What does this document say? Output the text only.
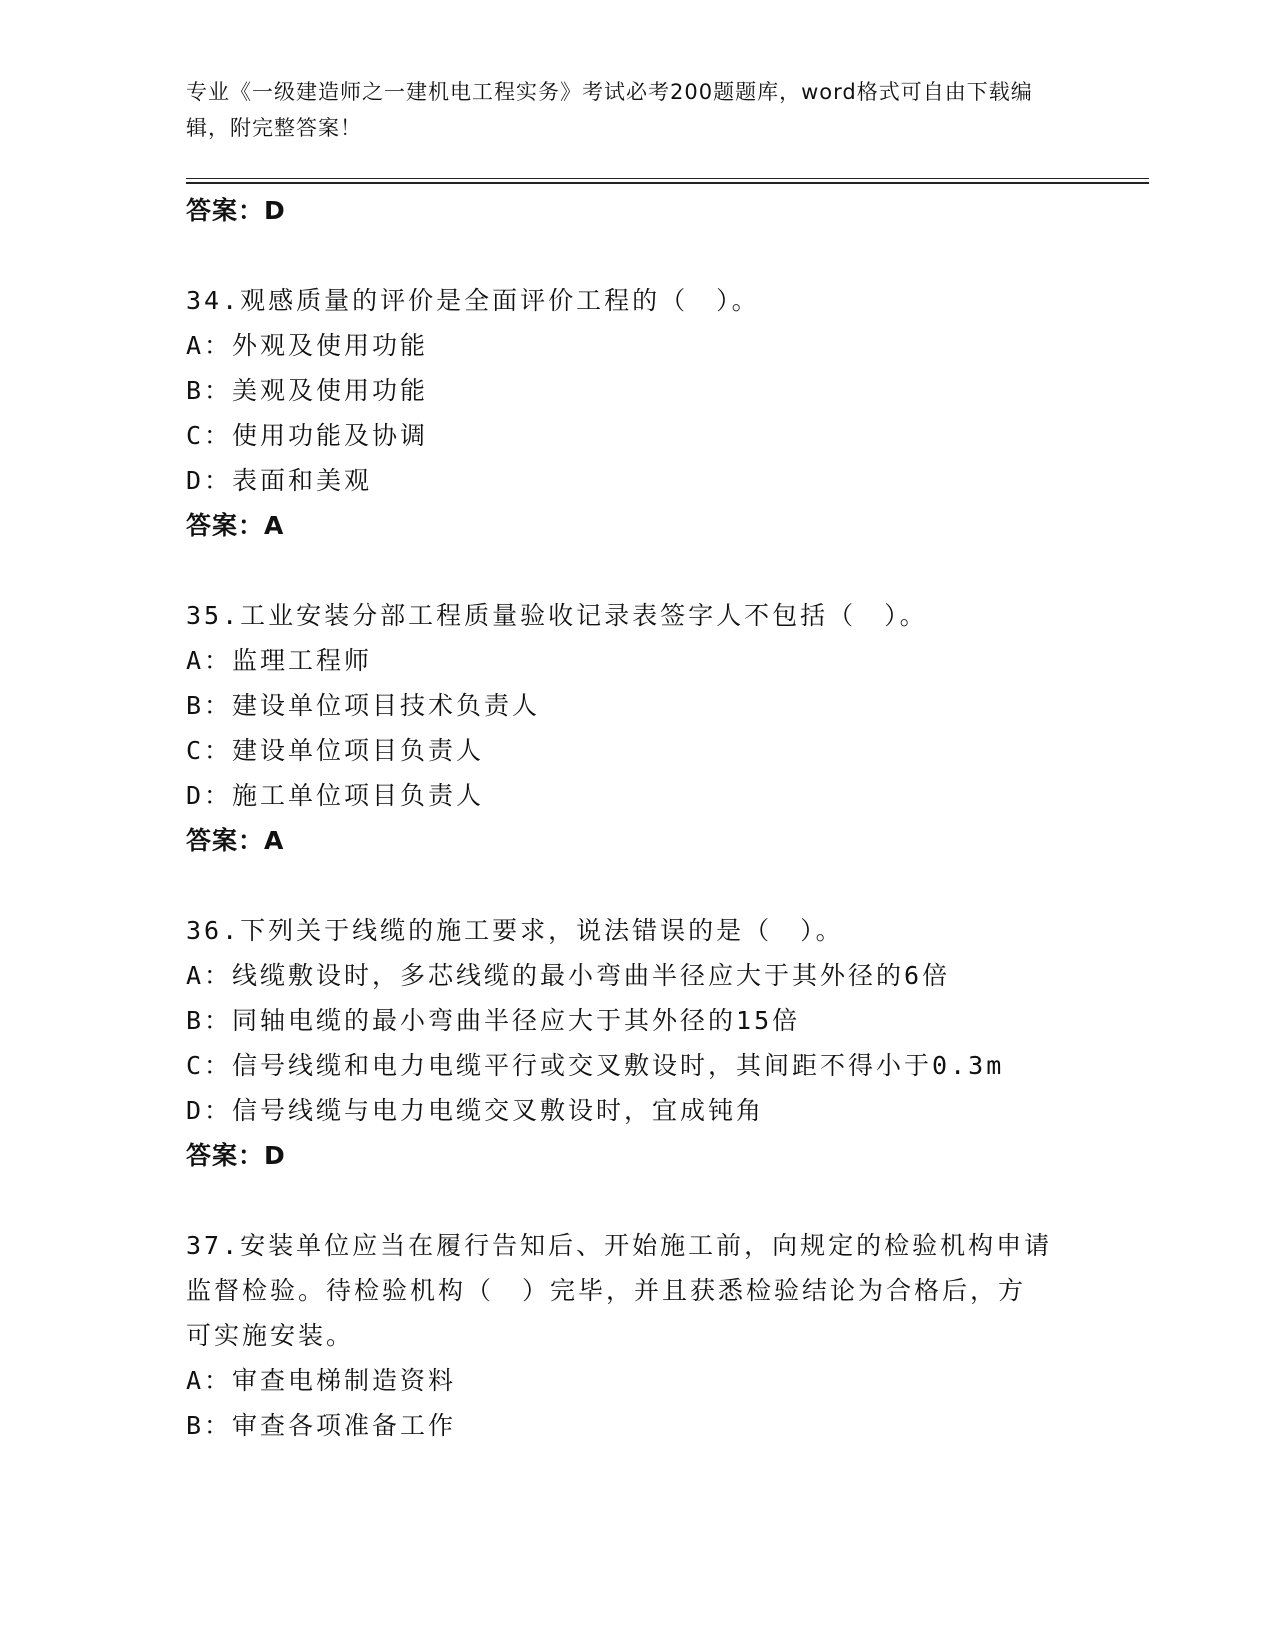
专业《一级建造师之一建机电工程实务》考试必考200题题库，word格式可自由下载编辑，附完整答案！
答案：D
34.观感质量的评价是全面评价工程的（　）。
A：外观及使用功能
B：美观及使用功能
C：使用功能及协调
D：表面和美观
答案：A
35.工业安装分部工程质量验收记录表签字人不包括（　）。
A：监理工程师
B：建设单位项目技术负责人
C：建设单位项目负责人
D：施工单位项目负责人
答案：A
36.下列关于线缆的施工要求，说法错误的是（　）。
A：线缆敷设时，多芯线缆的最小弯曲半径应大于其外径的6倍
B：同轴电缆的最小弯曲半径应大于其外径的15倍
C：信号线缆和电力电缆平行或交叉敷设时，其间距不得小于0.3m
D：信号线缆与电力电缆交叉敷设时，宜成钝角
答案：D
37.安装单位应当在履行告知后、开始施工前，向规定的检验机构申请
监督检验。待检验机构（　）完毕，并且获悉检验结论为合格后，方
可实施安装。
A：审查电梯制造资料
B：审查各项准备工作
